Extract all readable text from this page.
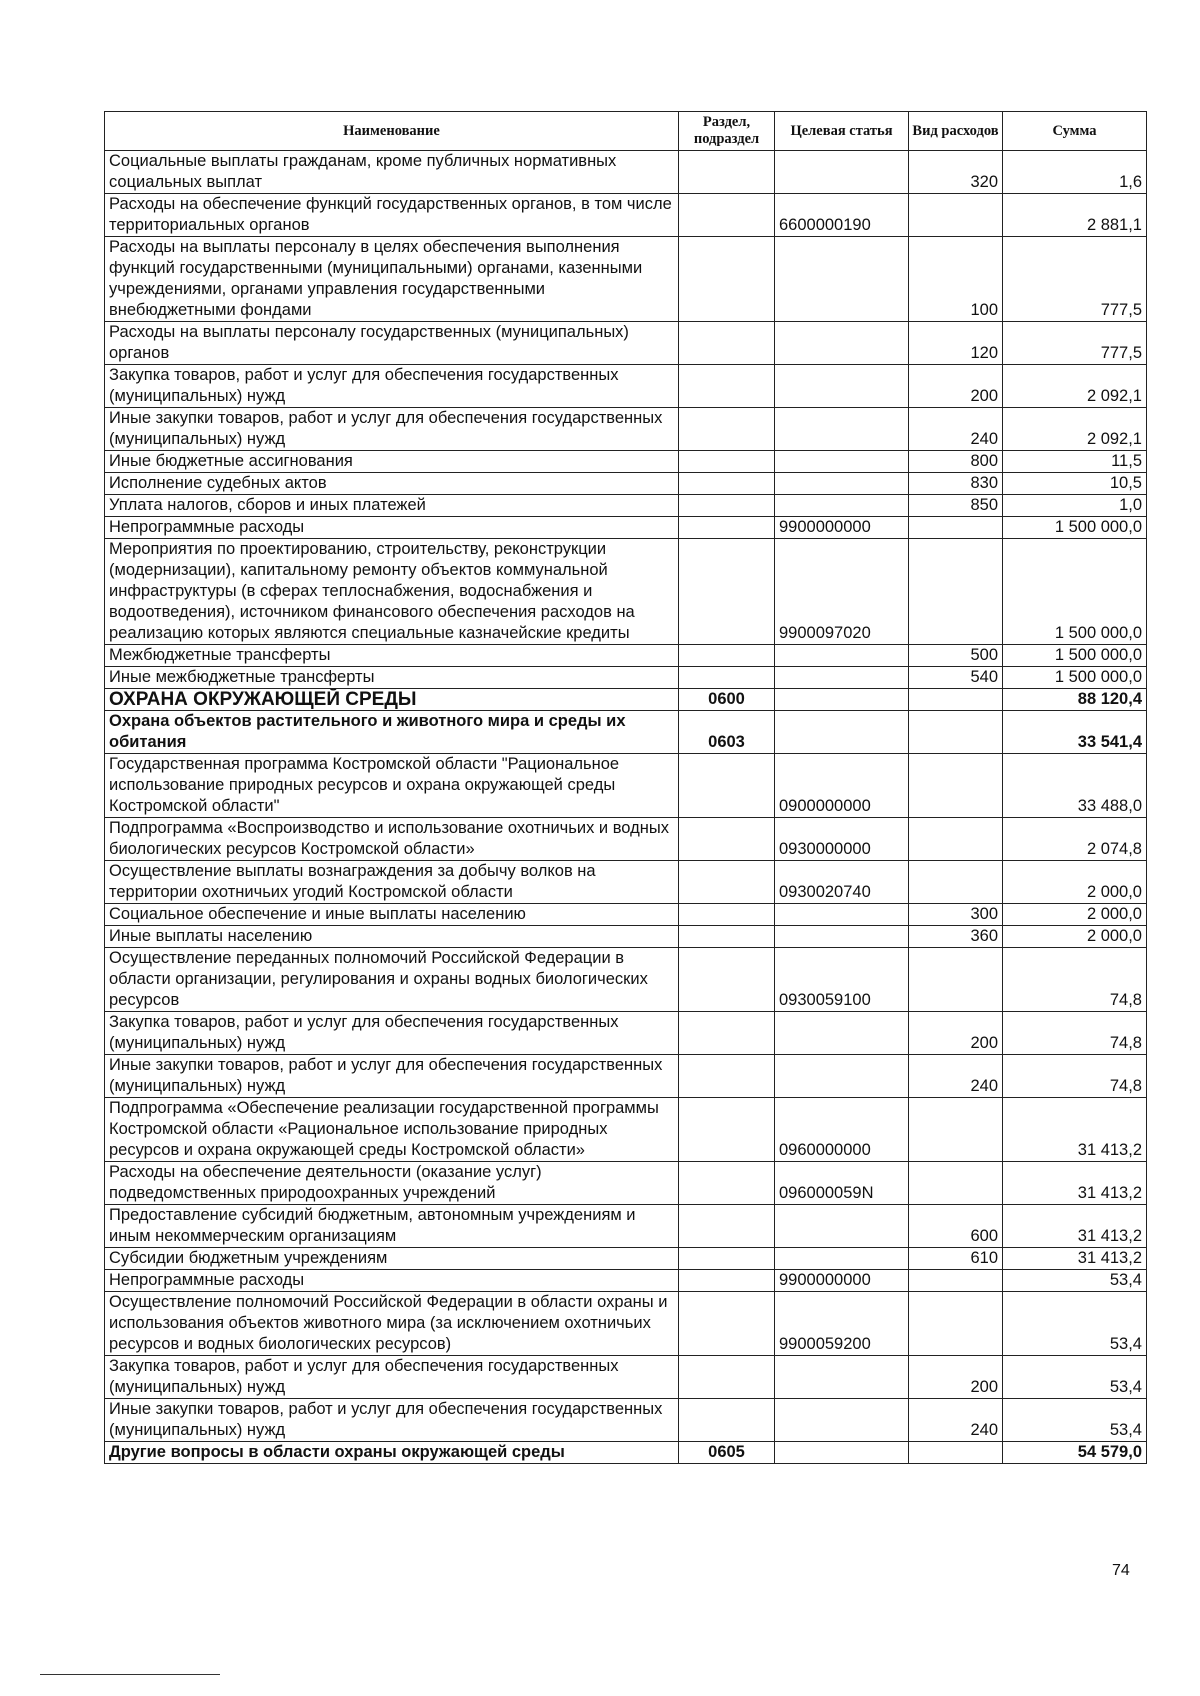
Наименование	Раздел, подраздел	Целевая статья	Вид расходов	Сумма
Социальные выплаты гражданам, кроме публичных нормативных социальных выплат			320	1,6
Расходы на обеспечение функций государственных органов, в том числе территориальных органов		6600000190		2 881,1
Расходы на выплаты персоналу в целях обеспечения выполнения функций государственными (муниципальными) органами, казенными учреждениями, органами управления государственными внебюджетными фондами			100	777,5
Расходы на выплаты персоналу государственных (муниципальных) органов			120	777,5
Закупка товаров, работ и услуг для обеспечения государственных (муниципальных) нужд			200	2 092,1
Иные закупки товаров, работ и услуг для обеспечения государственных (муниципальных) нужд			240	2 092,1
Иные бюджетные ассигнования			800	11,5
Исполнение судебных актов			830	10,5
Уплата налогов, сборов и иных платежей			850	1,0
Непрограммные расходы		9900000000		1 500 000,0
Мероприятия по проектированию, строительству, реконструкции (модернизации), капитальному ремонту объектов коммунальной инфраструктуры (в сферах теплоснабжения, водоснабжения и водоотведения), источником финансового обеспечения расходов на реализацию которых являются специальные казначейские кредиты		9900097020		1 500 000,0
Межбюджетные трансферты			500	1 500 000,0
Иные межбюджетные трансферты			540	1 500 000,0
ОХРАНА ОКРУЖАЮЩЕЙ СРЕДЫ	0600			88 120,4
Охрана объектов растительного и животного мира и среды их обитания	0603			33 541,4
Государственная программа Костромской области "Рациональное использование природных ресурсов и охрана окружающей среды Костромской области"		0900000000		33 488,0
Подпрограмма «Воспроизводство и использование охотничьих и водных биологических ресурсов Костромской области»		0930000000		2 074,8
Осуществление выплаты вознаграждения за добычу волков на территории охотничьих угодий Костромской области		0930020740		2 000,0
Социальное обеспечение и иные выплаты населению			300	2 000,0
Иные выплаты населению			360	2 000,0
Осуществление переданных полномочий Российской Федерации в области организации, регулирования и охраны водных биологических ресурсов		0930059100		74,8
Закупка товаров, работ и услуг для обеспечения государственных (муниципальных) нужд			200	74,8
Иные закупки товаров, работ и услуг для обеспечения государственных (муниципальных) нужд			240	74,8
Подпрограмма «Обеспечение реализации государственной программы Костромской области «Рациональное использование природных ресурсов и охрана окружающей среды Костромской области»		0960000000		31 413,2
Расходы на обеспечение деятельности (оказание услуг) подведомственных природоохранных учреждений		096000059N		31 413,2
Предоставление субсидий бюджетным, автономным учреждениям и иным некоммерческим организациям			600	31 413,2
Субсидии бюджетным учреждениям			610	31 413,2
Непрограммные расходы		9900000000		53,4
Осуществление полномочий Российской Федерации в области охраны и использования объектов животного мира (за исключением охотничьих ресурсов и водных биологических ресурсов)		9900059200		53,4
Закупка товаров, работ и услуг для обеспечения государственных (муниципальных) нужд			200	53,4
Иные закупки товаров, работ и услуг для обеспечения государственных (муниципальных) нужд			240	53,4
Другие вопросы в области охраны окружающей среды	0605			54 579,0
74
